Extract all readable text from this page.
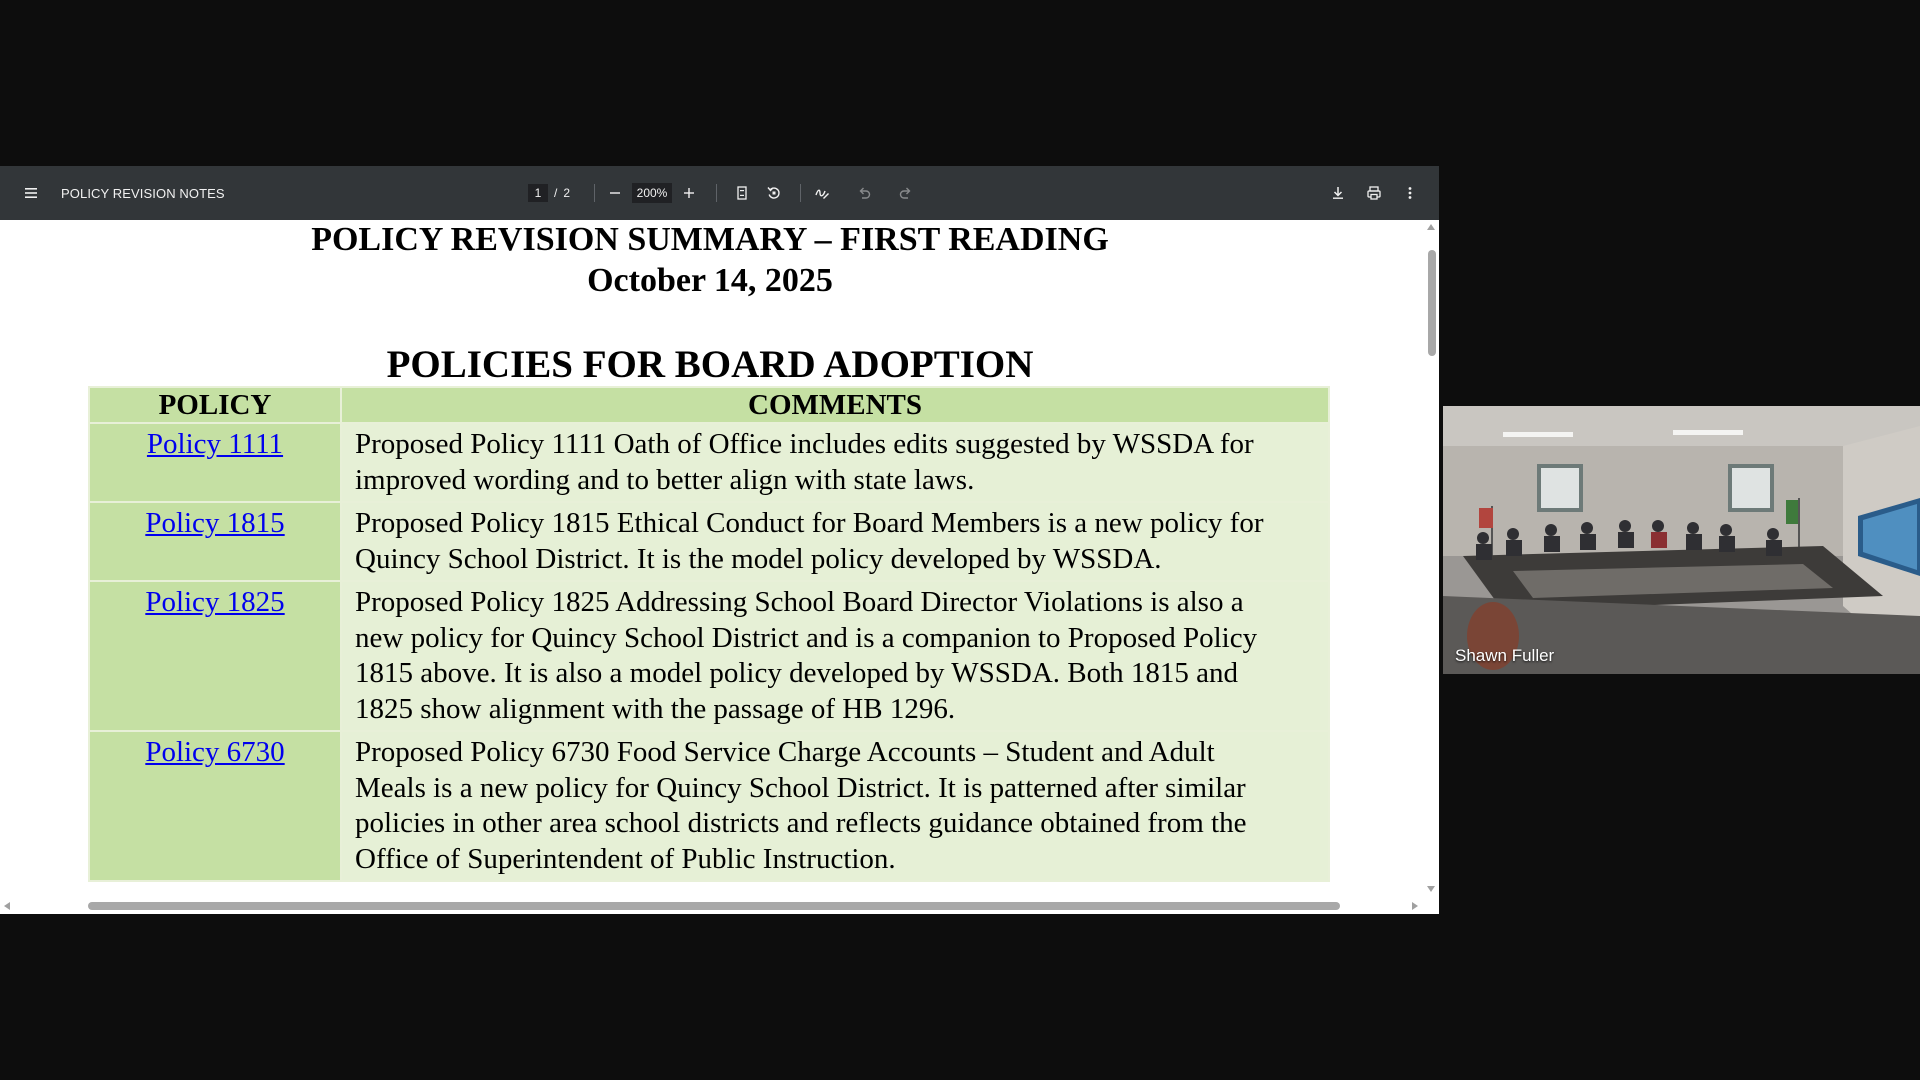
POLICY REVISION NOTES
1	/ 2
200%
POLICY REVISION SUMMARY – FIRST READING
October 14, 2025
POLICIES FOR BOARD ADOPTION
POLICY	COMMENTS
Policy 1111	Proposed Policy 1111 Oath of Office includes edits suggested by WSSDA for
improved wording and to better align with state laws.

Policy 1815	Proposed Policy 1815 Ethical Conduct for Board Members is a new policy for
Quincy School District. It is the model policy developed by WSSDA.

Policy 1825	Proposed Policy 1825 Addressing School Board Director Violations is also a
new policy for Quincy School District and is a companion to Proposed Policy
1815 above. It is also a model policy developed by WSSDA. Both 1815 and
1825 show alignment with the passage of HB 1296.

Policy 6730	Proposed Policy 6730 Food Service Charge Accounts – Student and Adult
Meals is a new policy for Quincy School District. It is patterned after similar
policies in other area school districts and reflects guidance obtained from the
Office of Superintendent of Public Instruction.
Shawn Fuller
